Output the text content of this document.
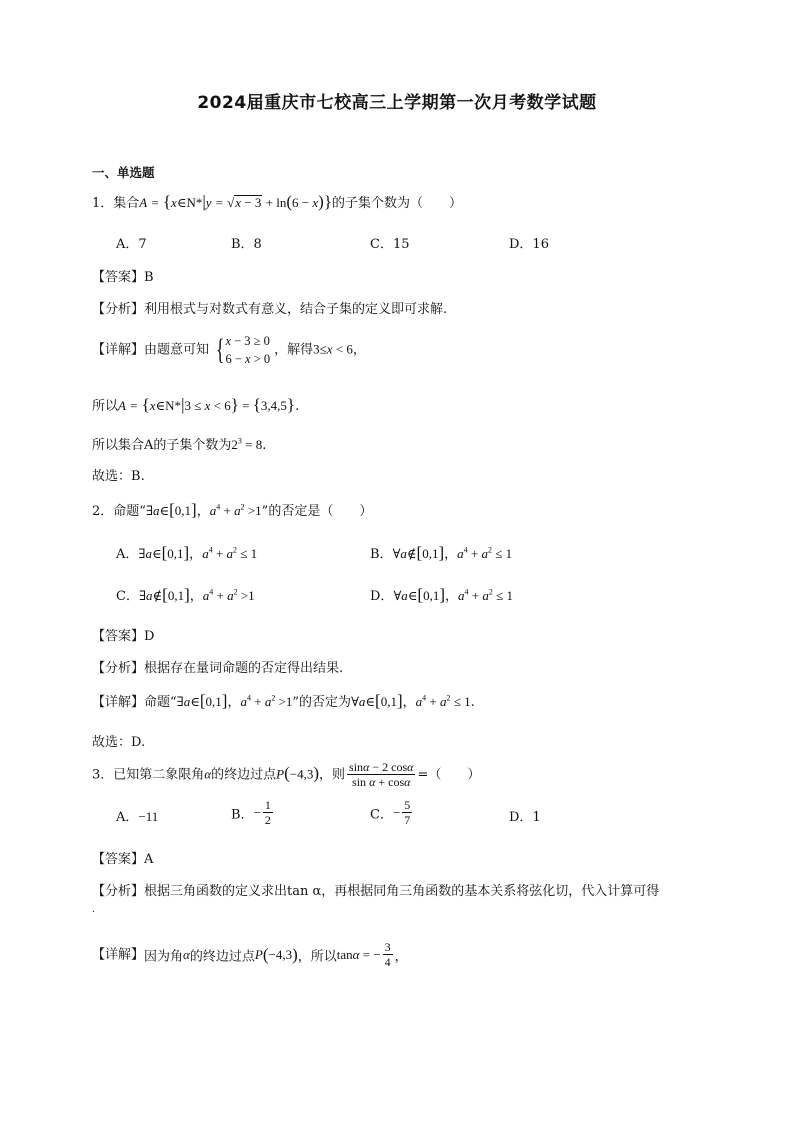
2024届重庆市七校高三上学期第一次月考数学试题
一、单选题
1．集合A = {x∈N*|y = √x − 3 + ln(6 − x)}的子集个数为（　　）
A．7	B．8	C．15	D．16
【答案】B
【分析】利用根式与对数式有意义，结合子集的定义即可求解.
【详解】由题意可知 { x − 3 ≥ 0
6 − x > 0
，解得3≤x < 6，
所以A = {x∈N*|3 ≤ x < 6} = {3,4,5}.
所以集合A的子集个数为$2^3 = 8$.
故选：B.
2．命题“∃a∈[0,1]，$a^4 + a^2 >1$”的否定是（　　）
A．∃a∈[0,1]，$a^4 + a^2 \le 1$	B．∀a∉[0,1]，$a^4 + a^2 \le 1$
C．∃a∉[0,1]，$a^4 + a^2 >1$	D．∀a∈[0,1]，$a^4 + a^2 \le 1$
【答案】D
【分析】根据存在量词命题的否定得出结果.
【详解】命题“∃a∈[0,1]，$a^4 + a^2 >1$”的否定为∀a∈[0,1]，$a^4 + a^2 \le 1$.
故选：D.
3．已知第二象限角α的终边过点P(−4,3)，则 $\frac{\sin\alpha - 2 \cos\alpha}{\text{sin α + cosα}}$ =（　　）
A．−11	B．− $\frac{1}{2}$	C．− $\frac{5}{7}$	D．1
【答案】A
【分析】根据三角函数的定义求出tan α，再根据同角三角函数的基本关系将弦化切，代入计算可得
.
【详解】因为角α的终边过点P(−4,3)，所以tanα = − $\frac{3}{4}$ ，
